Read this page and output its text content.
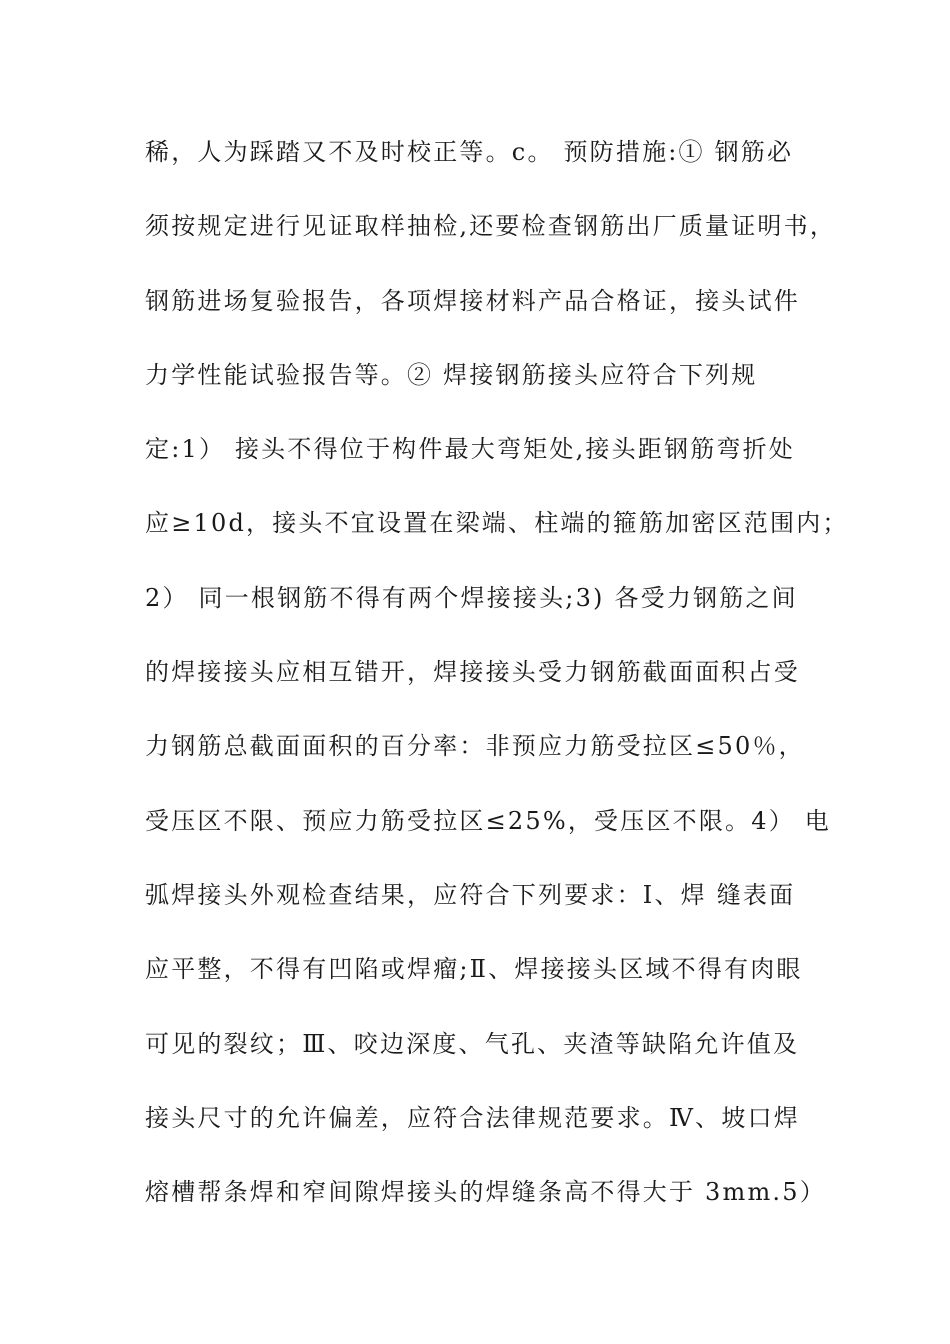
稀，人为踩踏又不及时校正等。c。 预防措施:① 钢筋必
须按规定进行见证取样抽检,还要检查钢筋出厂质量证明书，
钢筋进场复验报告，各项焊接材料产品合格证，接头试件
力学性能试验报告等。② 焊接钢筋接头应符合下列规
定:1） 接头不得位于构件最大弯矩处,接头距钢筋弯折处
应≥10d，接头不宜设置在梁端、柱端的箍筋加密区范围内；
2） 同一根钢筋不得有两个焊接接头;3) 各受力钢筋之间
的焊接接头应相互错开，焊接接头受力钢筋截面面积占受
力钢筋总截面面积的百分率：非预应力筋受拉区≤50％，
受压区不限、预应力筋受拉区≤25%，受压区不限。4） 电
弧焊接头外观检查结果，应符合下列要求：Ⅰ、焊 缝表面
应平整，不得有凹陷或焊瘤;Ⅱ、焊接接头区域不得有肉眼
可见的裂纹；Ⅲ、咬边深度、气孔、夹渣等缺陷允许值及
接头尺寸的允许偏差，应符合法律规范要求。Ⅳ、坡口焊
熔槽帮条焊和窄间隙焊接头的焊缝条高不得大于 3mm.5）
